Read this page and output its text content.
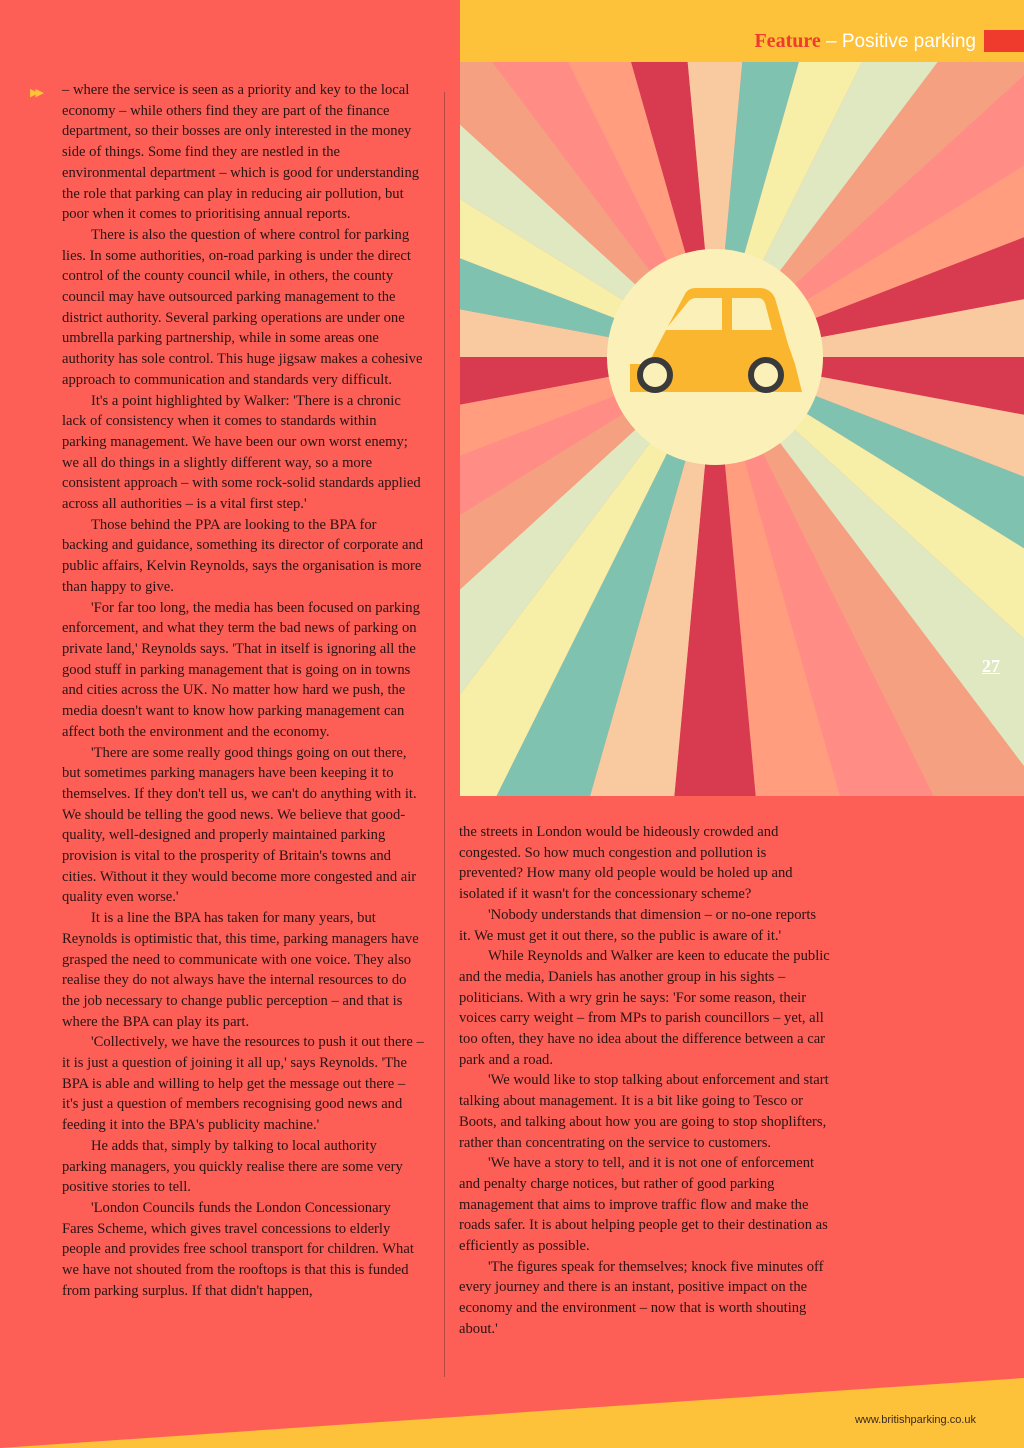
Feature – Positive parking
27
▶▶ – where the service is seen as a priority and key to the local economy – while others find they are part of the finance department, so their bosses are only interested in the money side of things. Some find they are nestled in the environmental department – which is good for understanding the role that parking can play in reducing air pollution, but poor when it comes to prioritising annual reports.

There is also the question of where control for parking lies. In some authorities, on-road parking is under the direct control of the county council while, in others, the county council may have outsourced parking management to the district authority. Several parking operations are under one umbrella parking partnership, while in some areas one authority has sole control. This huge jigsaw makes a cohesive approach to communication and standards very difficult.

It's a point highlighted by Walker: 'There is a chronic lack of consistency when it comes to standards within parking management. We have been our own worst enemy; we all do things in a slightly different way, so a more consistent approach – with some rock-solid standards applied across all authorities – is a vital first step.'

Those behind the PPA are looking to the BPA for backing and guidance, something its director of corporate and public affairs, Kelvin Reynolds, says the organisation is more than happy to give.

'For far too long, the media has been focused on parking enforcement, and what they term the bad news of parking on private land,' Reynolds says. 'That in itself is ignoring all the good stuff in parking management that is going on in towns and cities across the UK. No matter how hard we push, the media doesn't want to know how parking management can affect both the environment and the economy.

'There are some really good things going on out there, but sometimes parking managers have been keeping it to themselves. If they don't tell us, we can't do anything with it. We should be telling the good news. We believe that good-quality, well-designed and properly maintained parking provision is vital to the prosperity of Britain's towns and cities. Without it they would become more congested and air quality even worse.'

It is a line the BPA has taken for many years, but Reynolds is optimistic that, this time, parking managers have grasped the need to communicate with one voice. They also realise they do not always have the internal resources to do the job necessary to change public perception – and that is where the BPA can play its part.

'Collectively, we have the resources to push it out there – it is just a question of joining it all up,' says Reynolds. 'The BPA is able and willing to help get the message out there – it's just a question of members recognising good news and feeding it into the BPA's publicity machine.'

He adds that, simply by talking to local authority parking managers, you quickly realise there are some very positive stories to tell.

'London Councils funds the London Concessionary Fares Scheme, which gives travel concessions to elderly people and provides free school transport for children. What we have not shouted from the rooftops is that this is funded from parking surplus. If that didn't happen,

the streets in London would be hideously crowded and congested. So how much congestion and pollution is prevented? How many old people would be holed up and isolated if it wasn't for the concessionary scheme?

'Nobody understands that dimension – or no-one reports it. We must get it out there, so the public is aware of it.'

While Reynolds and Walker are keen to educate the public and the media, Daniels has another group in his sights – politicians. With a wry grin he says: 'For some reason, their voices carry weight – from MPs to parish councillors – yet, all too often, they have no idea about the difference between a car park and a road.

'We would like to stop talking about enforcement and start talking about management. It is a bit like going to Tesco or Boots, and talking about how you are going to stop shoplifters, rather than concentrating on the service to customers.

'We have a story to tell, and it is not one of enforcement and penalty charge notices, but rather of good parking management that aims to improve traffic flow and make the roads safer. It is about helping people get to their destination as efficiently as possible.

'The figures speak for themselves; knock five minutes off every journey and there is an instant, positive impact on the economy and the environment – now that is worth shouting about.'

www.britishparking.co.uk
